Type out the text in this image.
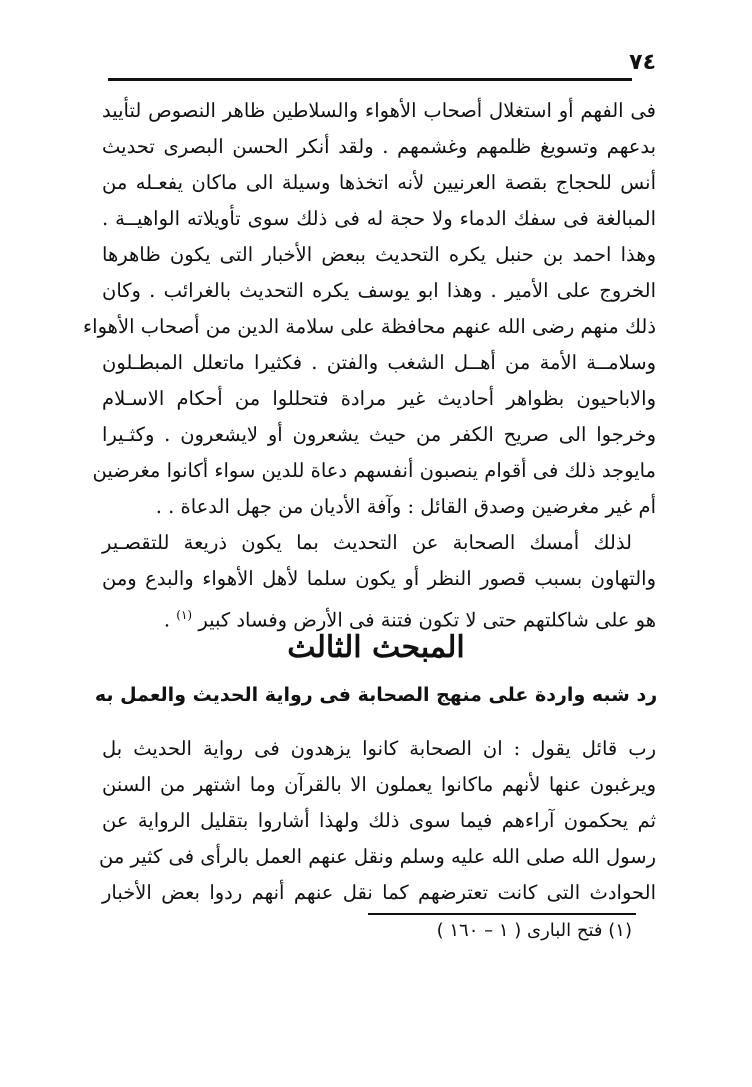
٧٤
فى الفهم أو استغلال أصحاب الأهواء والسلاطين ظاهر النصوص لتأييد
بدعهم وتسويغ ظلمهم وغشمهم . ولقد أنكر الحسن البصرى تحديث
أنس للحجاج بقصة العرنيين لأنه اتخذها وسيلة الى ماكان يفعـله من
المبالغة فى سفك الدماء ولا حجة له فى ذلك سوى تأويلاته الواهيــة .
وهذا احمد بن حنبل يكره التحديث ببعض الأخبار التى يكون ظاهرها
الخروج على الأمير . وهذا ابو يوسف يكره التحديث بالغرائب . وكان
ذلك منهم رضى الله عنهم محافظة على سلامة الدين من أصحاب الأهواء
وسلامــة الأمة من أهــل الشغب والفتن . فكثيرا ماتعلل المبطـلون
والاباحيون بظواهر أحاديث غير مرادة فتحللوا من أحكام الاسـلام
وخرجوا الى صريح الكفر من حيث يشعرون أو لايشعرون . وكثـيرا
مايوجد ذلك فى أقوام ينصبون أنفسهم دعاة للدين سواء أكانوا مغرضين
أم غير مغرضين وصدق القائل : وآفة الأديان من جهل الدعاة . .
لذلك أمسك الصحابة عن التحديث بما يكون ذريعة للتقصـير
والتهاون بسبب قصور النظر أو يكون سلما لأهل الأهواء والبدع ومن
هو على شاكلتهم حتى لا تكون فتنة فى الأرض وفساد كبير $^{(١)}$ .
المبحث الثالث
رد شبه واردة على منهج الصحابة فى رواية الحديث والعمل به
رب قائل يقول : ان الصحابة كانوا يزهدون فى رواية الحديث بل
ويرغبون عنها لأنهم ماكانوا يعملون الا بالقرآن وما اشتهر من السنن
ثم يحكمون آراءهم فيما سوى ذلك ولهذا أشاروا بتقليل الرواية عن
رسول الله صلى الله عليه وسلم ونقل عنهم العمل بالرأى فى كثير من
الحوادث التى كانت تعترضهم كما نقل عنهم أنهم ردوا بعض الأخبار
(١) فتح البارى ( ١ – ١٦٠ )
